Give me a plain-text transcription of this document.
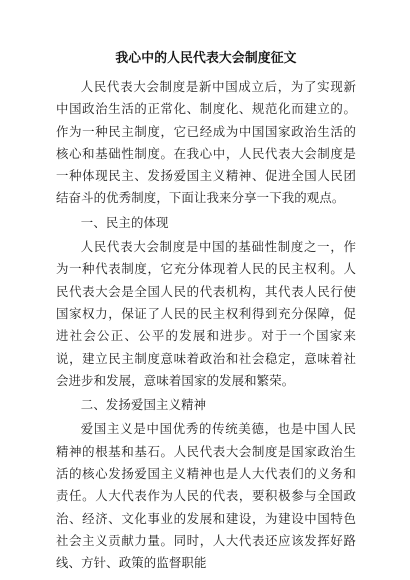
我心中的人民代表大会制度征文

人民代表大会制度是新中国成立后，为了实现新中国政治生活的正常化、制度化、规范化而建立的。作为一种民主制度，它已经成为中国国家政治生活的核心和基础性制度。在我心中，人民代表大会制度是一种体现民主、发扬爱国主义精神、促进全国人民团结奋斗的优秀制度，下面让我来分享一下我的观点。

一、民主的体现

人民代表大会制度是中国的基础性制度之一，作为一种代表制度，它充分体现着人民的民主权利。人民代表大会是全国人民的代表机构，其代表人民行使国家权力，保证了人民的民主权利得到充分保障，促进社会公正、公平的发展和进步。对于一个国家来说，建立民主制度意味着政治和社会稳定，意味着社会进步和发展，意味着国家的发展和繁荣。

二、发扬爱国主义精神

爱国主义是中国优秀的传统美德，也是中国人民精神的根基和基石。人民代表大会制度是国家政治生活的核心发扬爱国主义精神也是人大代表们的义务和责任。人大代表作为人民的代表，要积极参与全国政治、经济、文化事业的发展和建设，为建设中国特色社会主义贡献力量。同时，人大代表还应该发挥好路线、方针、政策的监督职能
